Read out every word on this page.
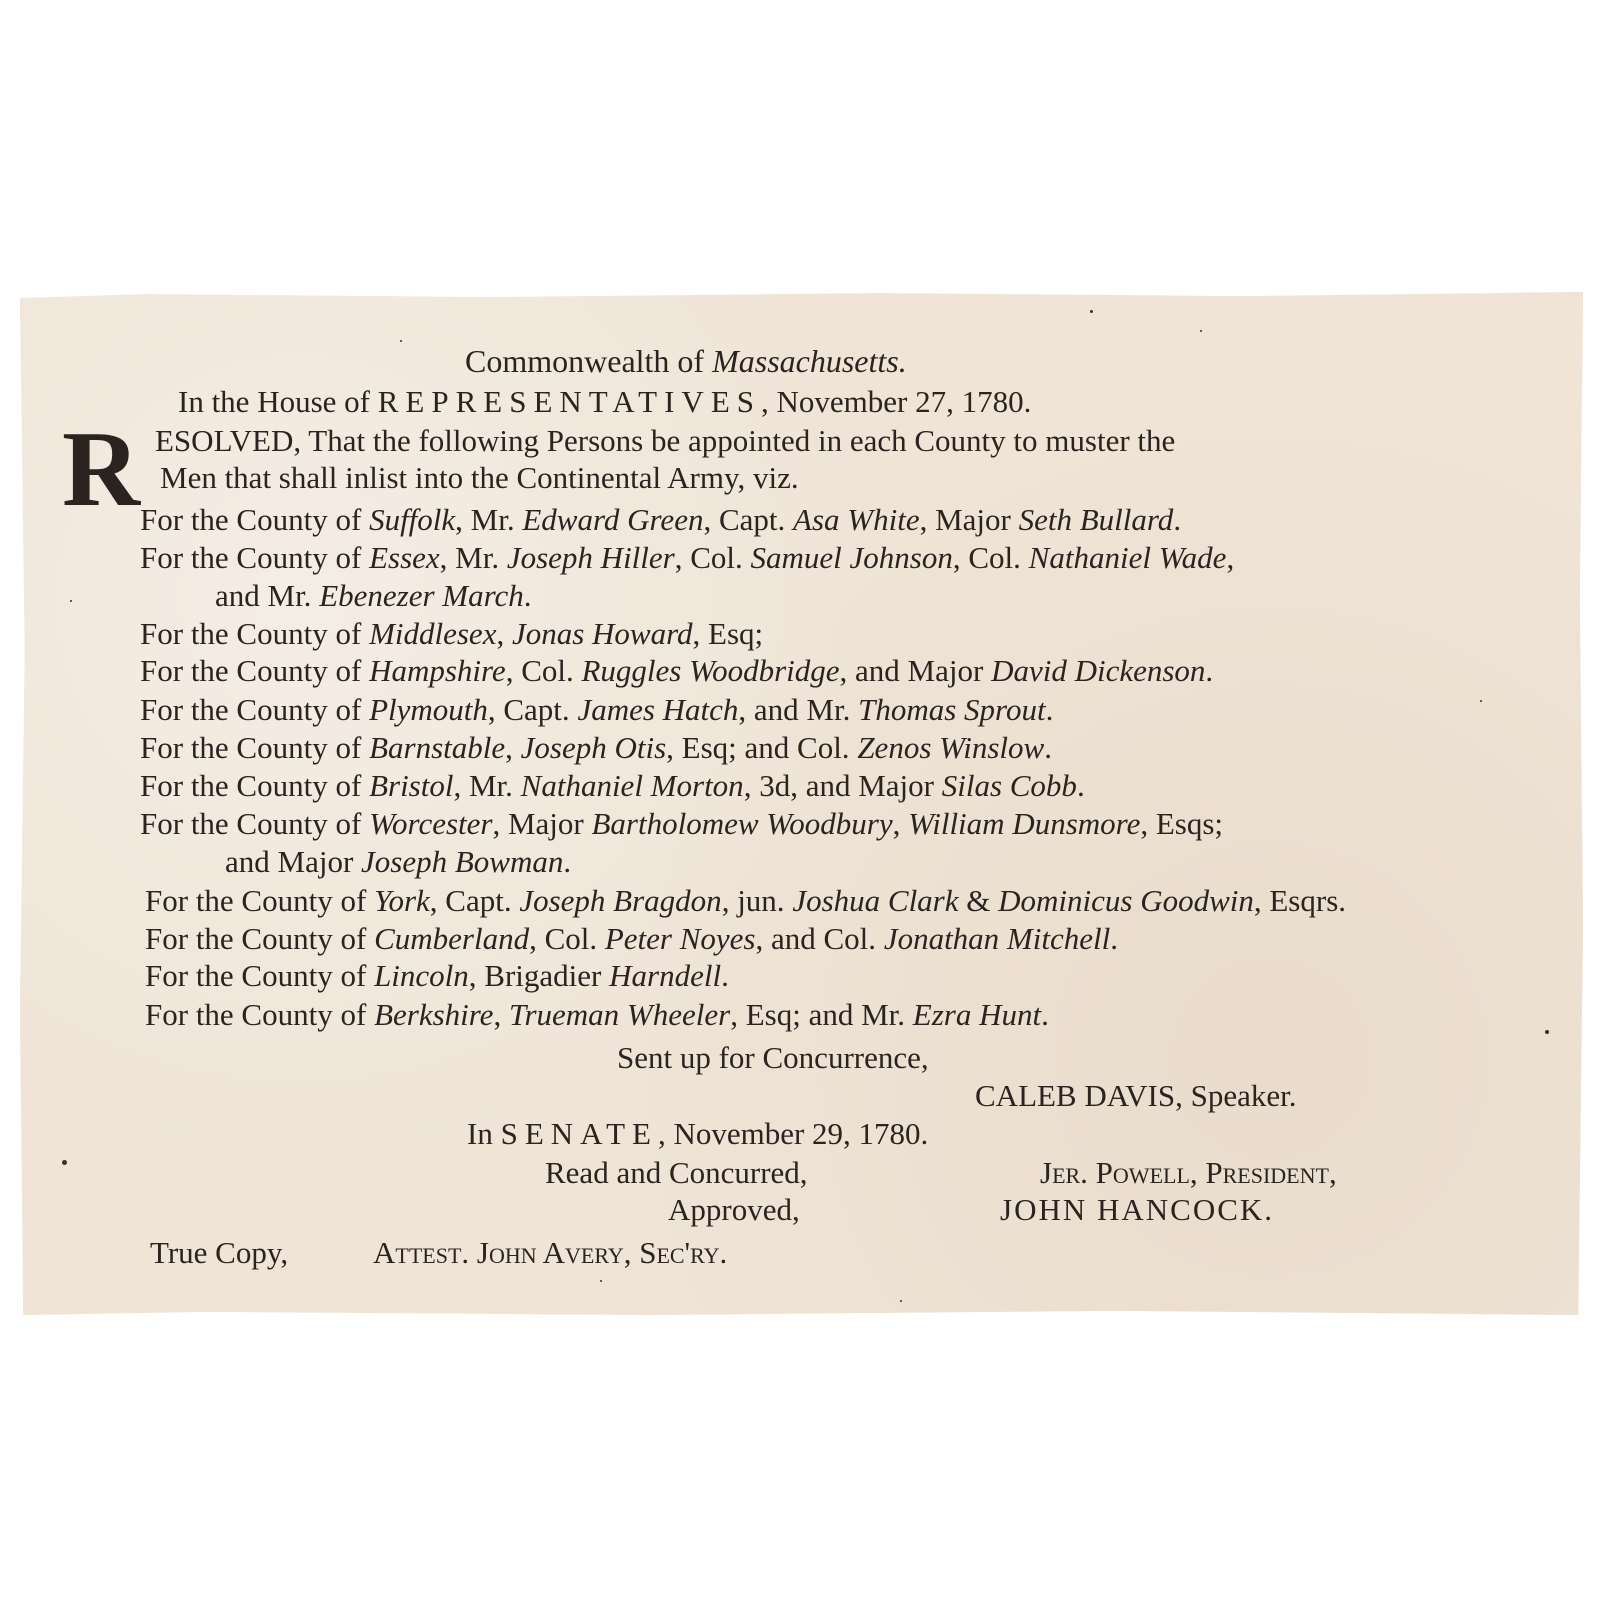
Commonwealth of Massachusetts.
In the House of REPRESENTATIVES, November 27, 1780.
R ESOLVED, That the following Persons be appointed in each County to muster the
Men that shall inlist into the Continental Army, viz.
For the County of Suffolk, Mr. Edward Green, Capt. Asa White, Major Seth Bullard.
For the County of Essex, Mr. Joseph Hiller, Col. Samuel Johnson, Col. Nathaniel Wade,
and Mr. Ebenezer March.
For the County of Middlesex, Jonas Howard, Esq;
For the County of Hampshire, Col. Ruggles Woodbridge, and Major David Dickenson.
For the County of Plymouth, Capt. James Hatch, and Mr. Thomas Sprout.
For the County of Barnstable, Joseph Otis, Esq; and Col. Zenos Winslow.
For the County of Bristol, Mr. Nathaniel Morton, 3d, and Major Silas Cobb.
For the County of Worcester, Major Bartholomew Woodbury, William Dunsmore, Esqs;
and Major Joseph Bowman.
For the County of York, Capt. Joseph Bragdon, jun. Joshua Clark & Dominicus Goodwin, Esqrs.
For the County of Cumberland, Col. Peter Noyes, and Col. Jonathan Mitchell.
For the County of Lincoln, Brigadier Harndell.
For the County of Berkshire, Trueman Wheeler, Esq; and Mr. Ezra Hunt.
Sent up for Concurrence,
CALEB DAVIS, Speaker.
In SENATE, November 29, 1780.
Read and Concurred,	Jer. Powell, President,
Approved,	JOHN HANCOCK.
True Copy,	Attest. John Avery, Sec'ry.
